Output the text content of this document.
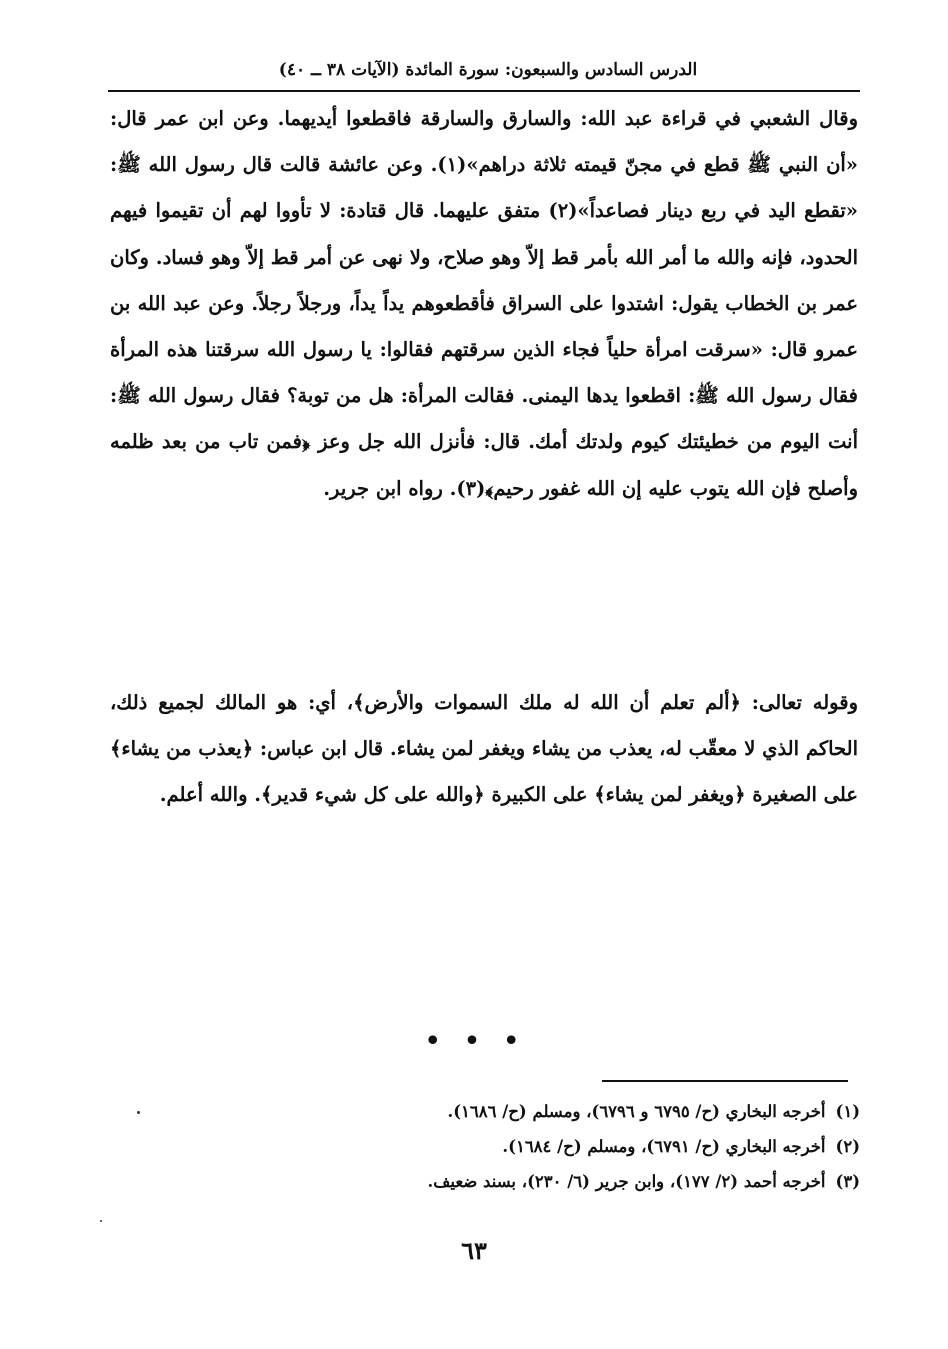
الدرس السادس والسبعون: سورة المائدة (الآيات ٣٨ ــ ٤٠)
وقال الشعبي في قراءة عبد الله: والسارق والسارقة فاقطعوا أيديهما. وعن ابن عمر قال: «أن النبي ﷺ قطع في مجنّ قيمته ثلاثة دراهم»(١). وعن عائشة قالت قال رسول الله ﷺ: «تقطع اليد في ربع دينار فصاعداً»(٢) متفق عليهما. قال قتادة: لا تأووا لهم أن تقيموا فيهم الحدود، فإنه والله ما أمر الله بأمر قط إلاّ وهو صلاح، ولا نهى عن أمر قط إلاّ وهو فساد. وكان عمر بن الخطاب يقول: اشتدوا على السراق فأقطعوهم يداً يداً، ورجلاً رجلاً. وعن عبد الله بن عمرو قال: «سرقت امرأة حلياً فجاء الذين سرقتهم فقالوا: يا رسول الله سرقتنا هذه المرأة فقال رسول الله ﷺ: اقطعوا يدها اليمنى. فقالت المرأة: هل من توبة؟ فقال رسول الله ﷺ: أنت اليوم من خطيئتك كيوم ولدتك أمك. قال: فأنزل الله جل وعز ﴿فمن تاب من بعد ظلمه وأصلح فإن الله يتوب عليه إن الله غفور رحيم﴾(٣). رواه ابن جرير.
وقوله تعالى: ﴿ألم تعلم أن الله له ملك السموات والأرض﴾، أي: هو المالك لجميع ذلك، الحاكم الذي لا معقّب له، يعذب من يشاء ويغفر لمن يشاء. قال ابن عباس: ﴿يعذب من يشاء﴾ على الصغيرة ﴿ويغفر لمن يشاء﴾ على الكبيرة ﴿والله على كل شيء قدير﴾. والله أعلم.
• • •
(١)أخرجه البخاري (ح/ ٦٧٩٥ و ٦٧٩٦)، ومسلم (ح/ ١٦٨٦).
(٢)أخرجه البخاري (ح/ ٦٧٩١)، ومسلم (ح/ ١٦٨٤).
(٣)أخرجه أحمد (٢/ ١٧٧)، وابن جرير (٦/ ٢٣٠)، بسند ضعيف.
٦٣
